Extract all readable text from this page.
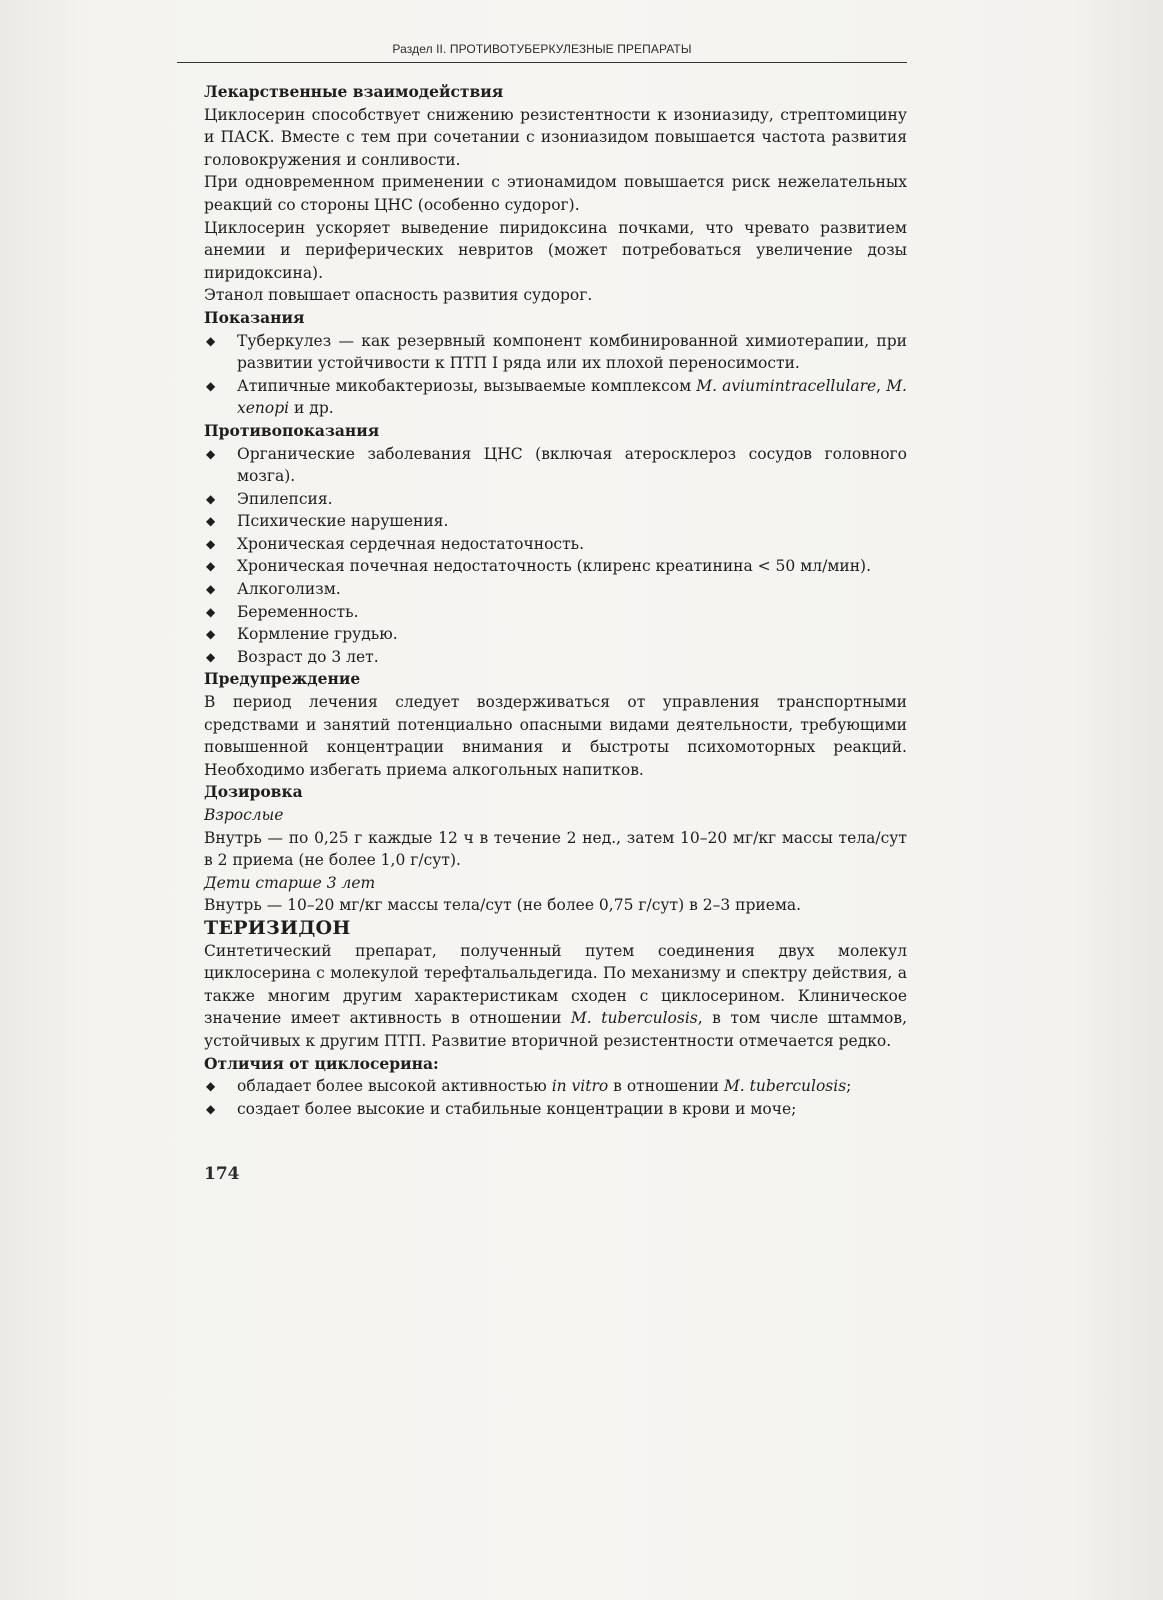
Раздел II. ПРОТИВОТУБЕРКУЛЕЗНЫЕ ПРЕПАРАТЫ

Лекарственные взаимодействия

Циклосерин способствует снижению резистентности к изониазиду, стрептомицину и ПАСК. Вместе с тем при сочетании с изониазидом повышается частота развития головокружения и сонливости.

При одновременном применении с этионамидом повышается риск нежелательных реакций со стороны ЦНС (особенно судорог).

Циклосерин ускоряет выведение пиридоксина почками, что чревато развитием анемии и периферических невритов (может потребоваться увеличение дозы пиридоксина).

Этанол повышает опасность развития судорог.

Показания

◆ Туберкулез — как резервный компонент комбинированной химиотерапии, при развитии устойчивости к ПТП I ряда или их плохой переносимости.
◆ Атипичные микобактериозы, вызываемые комплексом M. aviumintracellulare, M. xenopi и др.

Противопоказания

◆ Органические заболевания ЦНС (включая атеросклероз сосудов головного мозга).
◆ Эпилепсия.
◆ Психические нарушения.
◆ Хроническая сердечная недостаточность.
◆ Хроническая почечная недостаточность (клиренс креатинина < 50 мл/мин).
◆ Алкоголизм.
◆ Беременность.
◆ Кормление грудью.
◆ Возраст до 3 лет.

Предупреждение

В период лечения следует воздерживаться от управления транспортными средствами и занятий потенциально опасными видами деятельности, требующими повышенной концентрации внимания и быстроты психомоторных реакций. Необходимо избегать приема алкогольных напитков.

Дозировка

Взрослые

Внутрь — по 0,25 г каждые 12 ч в течение 2 нед., затем 10–20 мг/кг массы тела/сут в 2 приема (не более 1,0 г/сут).

Дети старше 3 лет

Внутрь — 10–20 мг/кг массы тела/сут (не более 0,75 г/сут) в 2–3 приема.

ТЕРИЗИДОН

Синтетический препарат, полученный путем соединения двух молекул циклосерина с молекулой терефтальальдегида. По механизму и спектру действия, а также многим другим характеристикам сходен с циклосерином. Клиническое значение имеет активность в отношении M. tuberculosis, в том числе штаммов, устойчивых к другим ПТП. Развитие вторичной резистентности отмечается редко.

Отличия от циклосерина:

◆ обладает более высокой активностью in vitro в отношении M. tuberculosis;
◆ создает более высокие и стабильные концентрации в крови и моче;
174
